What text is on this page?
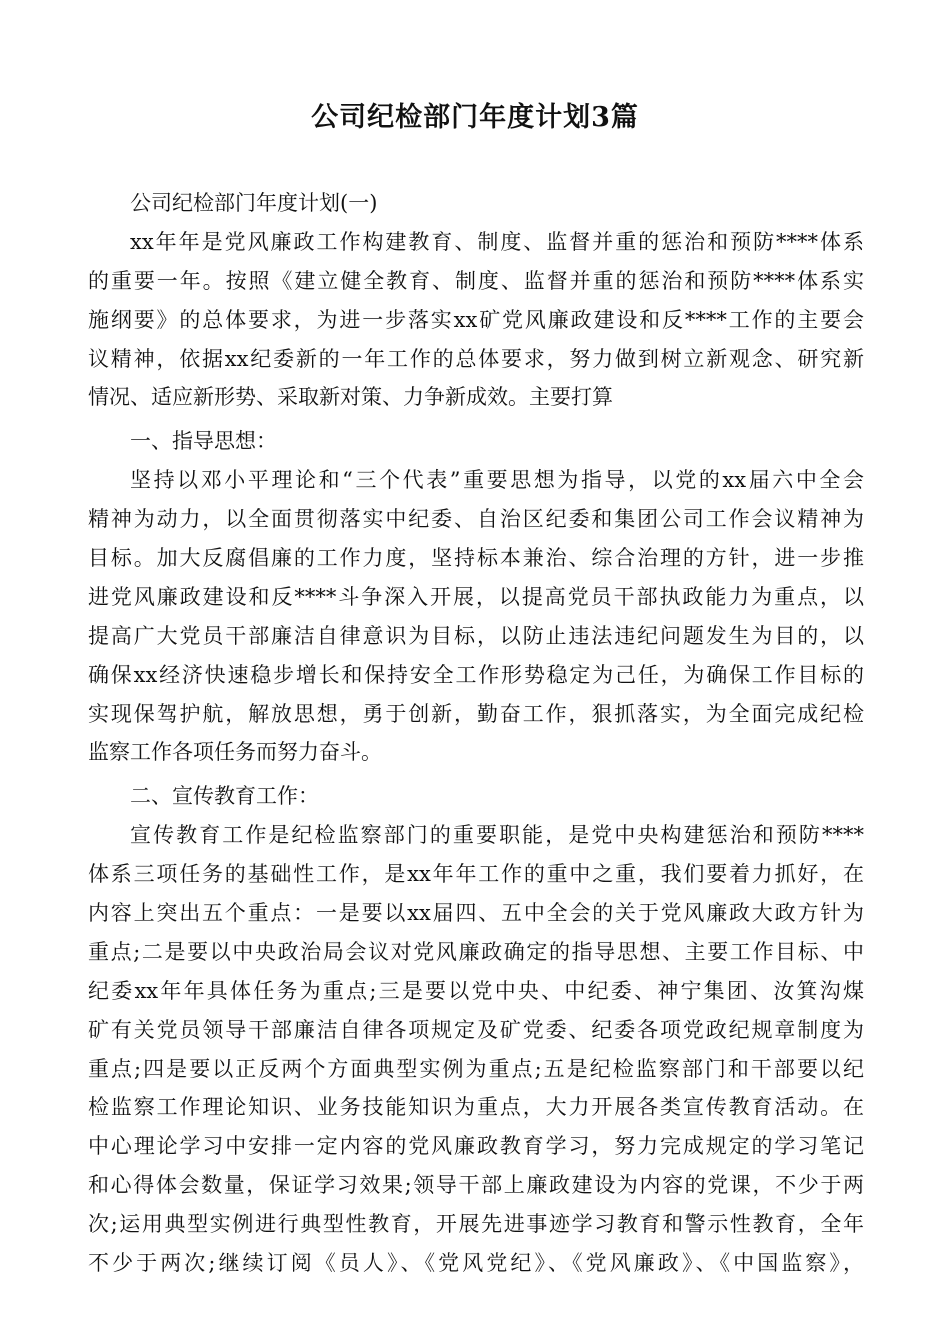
公司纪检部门年度计划3篇
公司纪检部门年度计划(一)
xx年年是党风廉政工作构建教育、制度、监督并重的惩治和预防****体系
的重要一年。按照《建立健全教育、制度、监督并重的惩治和预防****体系实
施纲要》的总体要求，为进一步落实xx矿党风廉政建设和反****工作的主要会
议精神，依据xx纪委新的一年工作的总体要求，努力做到树立新观念、研究新
情况、适应新形势、采取新对策、力争新成效。主要打算
一、指导思想：
坚持以邓小平理论和“三个代表”重要思想为指导，以党的xx届六中全会
精神为动力，以全面贯彻落实中纪委、自治区纪委和集团公司工作会议精神为
目标。加大反腐倡廉的工作力度，坚持标本兼治、综合治理的方针，进一步推
进党风廉政建设和反****斗争深入开展，以提高党员干部执政能力为重点，以
提高广大党员干部廉洁自律意识为目标，以防止违法违纪问题发生为目的，以
确保xx经济快速稳步增长和保持安全工作形势稳定为己任，为确保工作目标的
实现保驾护航，解放思想，勇于创新，勤奋工作，狠抓落实，为全面完成纪检
监察工作各项任务而努力奋斗。
二、宣传教育工作：
宣传教育工作是纪检监察部门的重要职能，是党中央构建惩治和预防****
体系三项任务的基础性工作，是xx年年工作的重中之重，我们要着力抓好，在
内容上突出五个重点：一是要以xx届四、五中全会的关于党风廉政大政方针为
重点;二是要以中央政治局会议对党风廉政确定的指导思想、主要工作目标、中
纪委xx年年具体任务为重点;三是要以党中央、中纪委、神宁集团、汝箕沟煤
矿有关党员领导干部廉洁自律各项规定及矿党委、纪委各项党政纪规章制度为
重点;四是要以正反两个方面典型实例为重点;五是纪检监察部门和干部要以纪
检监察工作理论知识、业务技能知识为重点，大力开展各类宣传教育活动。在
中心理论学习中安排一定内容的党风廉政教育学习，努力完成规定的学习笔记
和心得体会数量，保证学习效果;领导干部上廉政建设为内容的党课，不少于两
次;运用典型实例进行典型性教育，开展先进事迹学习教育和警示性教育，全年
不少于两次;继续订阅《员人》、《党风党纪》、《党风廉政》、《中国监察》，
